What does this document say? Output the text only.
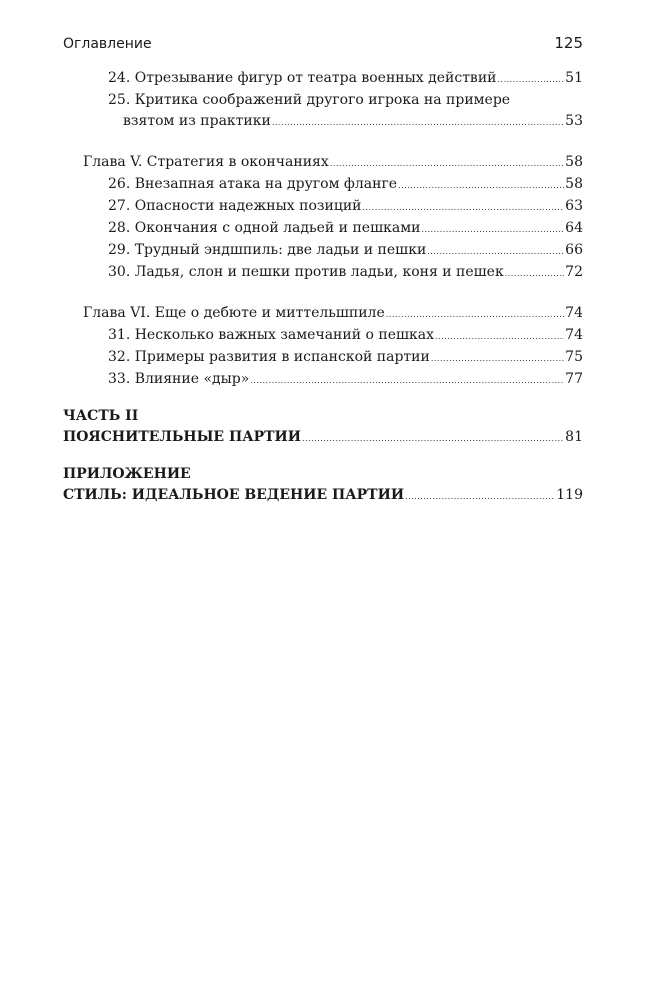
Оглавление	125
24. Отрезывание фигур от театра военных действий .....	51
25. Критика соображений другого игрока на примере
взятом из практики .....	53
Глава V. Стратегия в окончаниях .....	58
26. Внезапная атака на другом фланге .....	58
27. Опасности надежных позиций .....	63
28. Окончания с одной ладьей и пешками .....	64
29. Трудный эндшпиль: две ладьи и пешки .....	66
30. Ладья, слон и пешки против ладьи, коня и пешек .....	72
Глава VI. Еще о дебюте и миттельшпиле .....	74
31. Несколько важных замечаний о пешках .....	74
32. Примеры развития в испанской партии .....	75
33. Влияние «дыр» .....	77
ЧАСТЬ II
ПОЯСНИТЕЛЬНЫЕ ПАРТИИ .....	81
ПРИЛОЖЕНИЕ
СТИЛЬ: ИДЕАЛЬНОЕ ВЕДЕНИЕ ПАРТИИ .....	119
